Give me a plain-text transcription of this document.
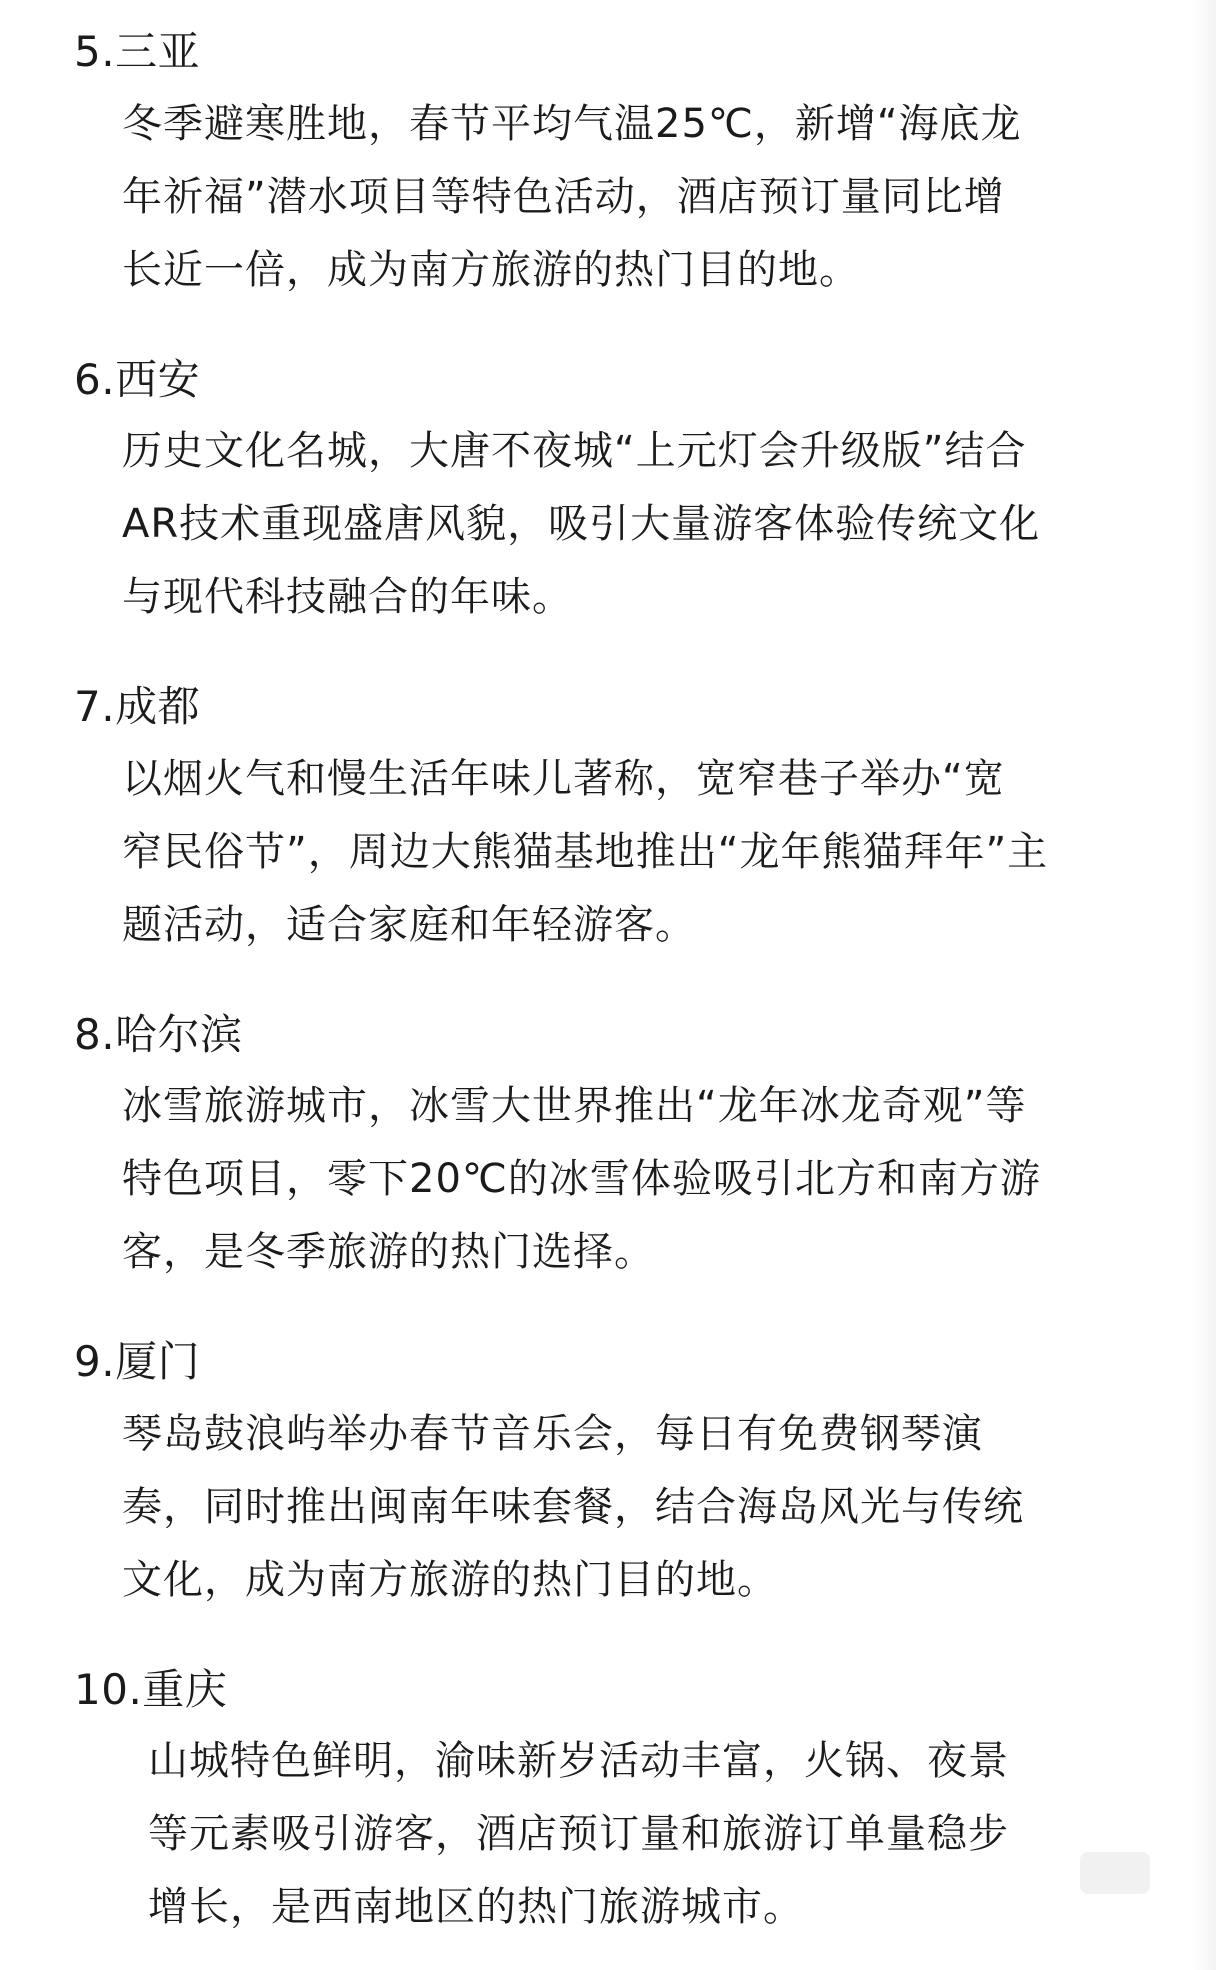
5.三亚
冬季避寒胜地，春节平均气温25℃，新增“海底龙
年祈福”潜水项目等特色活动，酒店预订量同比增
长近一倍，成为南方旅游的热门目的地。
6.西安
历史文化名城，大唐不夜城“上元灯会升级版”结合
AR技术重现盛唐风貌，吸引大量游客体验传统文化
与现代科技融合的年味。
7.成都
以烟火气和慢生活年味儿著称，宽窄巷子举办“宽
窄民俗节”，周边大熊猫基地推出“龙年熊猫拜年”主
题活动，适合家庭和年轻游客。
8.哈尔滨
冰雪旅游城市，冰雪大世界推出“龙年冰龙奇观”等
特色项目，零下20℃的冰雪体验吸引北方和南方游
客，是冬季旅游的热门选择。
9.厦门
琴岛鼓浪屿举办春节音乐会，每日有免费钢琴演
奏，同时推出闽南年味套餐，结合海岛风光与传统
文化，成为南方旅游的热门目的地。
10.重庆
山城特色鲜明，渝味新岁活动丰富，火锅、夜景
等元素吸引游客，酒店预订量和旅游订单量稳步
增长，是西南地区的热门旅游城市。
